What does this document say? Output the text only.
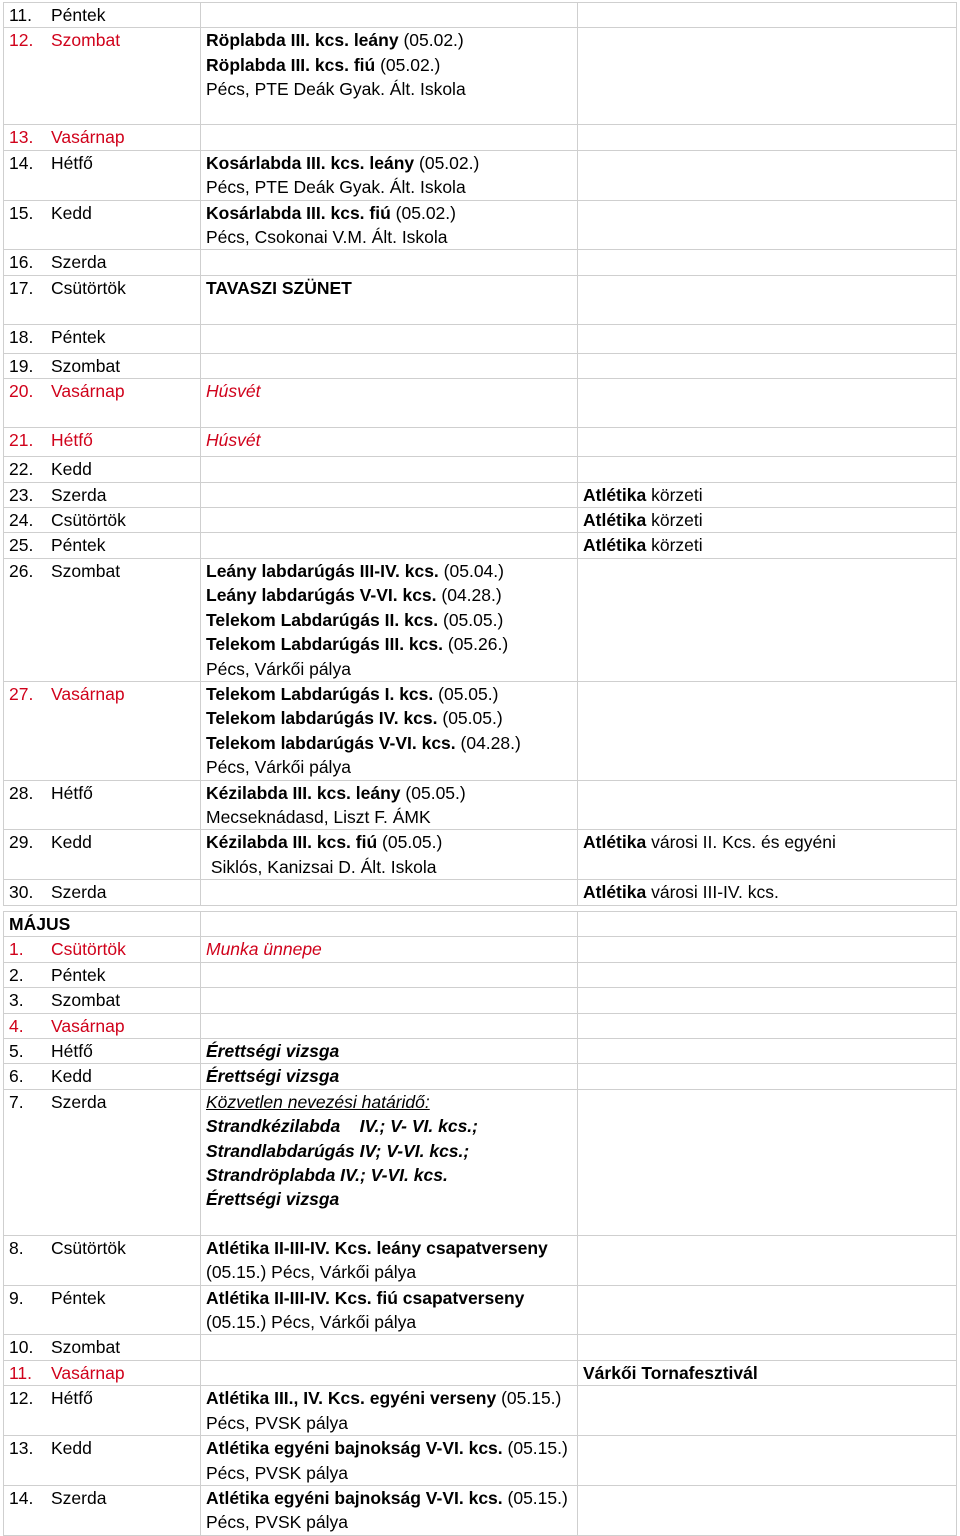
11. Péntek		
12. Szombat	Röplabda III. kcs. leány (05.02.)
Röplabda III. kcs. fiú (05.02.)
Pécs, PTE Deák Gyak. Ált. Iskola	

13. Vasárnap		
14. Hétfő	Kosárlabda III. kcs. leány (05.02.)
Pécs, PTE Deák Gyak. Ált. Iskola	

15. Kedd	Kosárlabda III. kcs. fiú (05.02.)
Pécs, Csokonai V.M. Ált. Iskola	

16. Szerda		
17. Csütörtök	TAVASZI SZÜNET	

18. Péntek		
19. Szombat		
20. Vasárnap	Húsvét	

21. Hétfő	Húsvét	

22. Kedd		
23. Szerda		Atlétika körzeti

24. Csütörtök		Atlétika körzeti

25. Péntek		Atlétika körzeti

26. Szombat	Leány labdarúgás III-IV. kcs. (05.04.)
Leány labdarúgás V-VI. kcs. (04.28.)
Telekom Labdarúgás II. kcs. (05.05.)
Telekom Labdarúgás III. kcs. (05.26.)
Pécs, Várkői pálya	

27. Vasárnap	Telekom Labdarúgás I. kcs. (05.05.)
Telekom labdarúgás IV. kcs. (05.05.)
Telekom labdarúgás V-VI. kcs. (04.28.)
Pécs, Várkői pálya	

28. Hétfő	Kézilabda III. kcs. leány (05.05.)
Mecseknádasd, Liszt F. ÁMK	

29. Kedd	Kézilabda III. kcs. fiú (05.05.)
Siklós, Kanizsai D. Ált. Iskola	Atlétika városi II. Kcs. és egyéni

30. Szerda		Atlétika városi III-IV. kcs.
MÁJUS		
1. Csütörtök	Munka ünnepe	

2. Péntek		
3. Szombat		
4. Vasárnap		
5. Hétfő	Érettségi vizsga	

6. Kedd	Érettségi vizsga	

7. Szerda	Közvetlen nevezési határidő:
Strandkézilabda    IV.; V- VI. kcs.;
Strandlabdarúgás IV; V-VI. kcs.;
Strandröplabda IV.; V-VI. kcs.
Érettségi vizsga	

8. Csütörtök	Atlétika II-III-IV. Kcs. leány csapatverseny
(05.15.) Pécs, Várkői pálya	

9. Péntek	Atlétika II-III-IV. Kcs. fiú csapatverseny
(05.15.) Pécs, Várkői pálya	

10. Szombat		
11. Vasárnap		Várkői Tornafesztivál

12. Hétfő	Atlétika III., IV. Kcs. egyéni verseny (05.15.)
Pécs, PVSK pálya	

13. Kedd	Atlétika egyéni bajnokság V-VI. kcs. (05.15.)
Pécs, PVSK pálya	

14. Szerda	Atlétika egyéni bajnokság V-VI. kcs. (05.15.)
Pécs, PVSK pálya	
